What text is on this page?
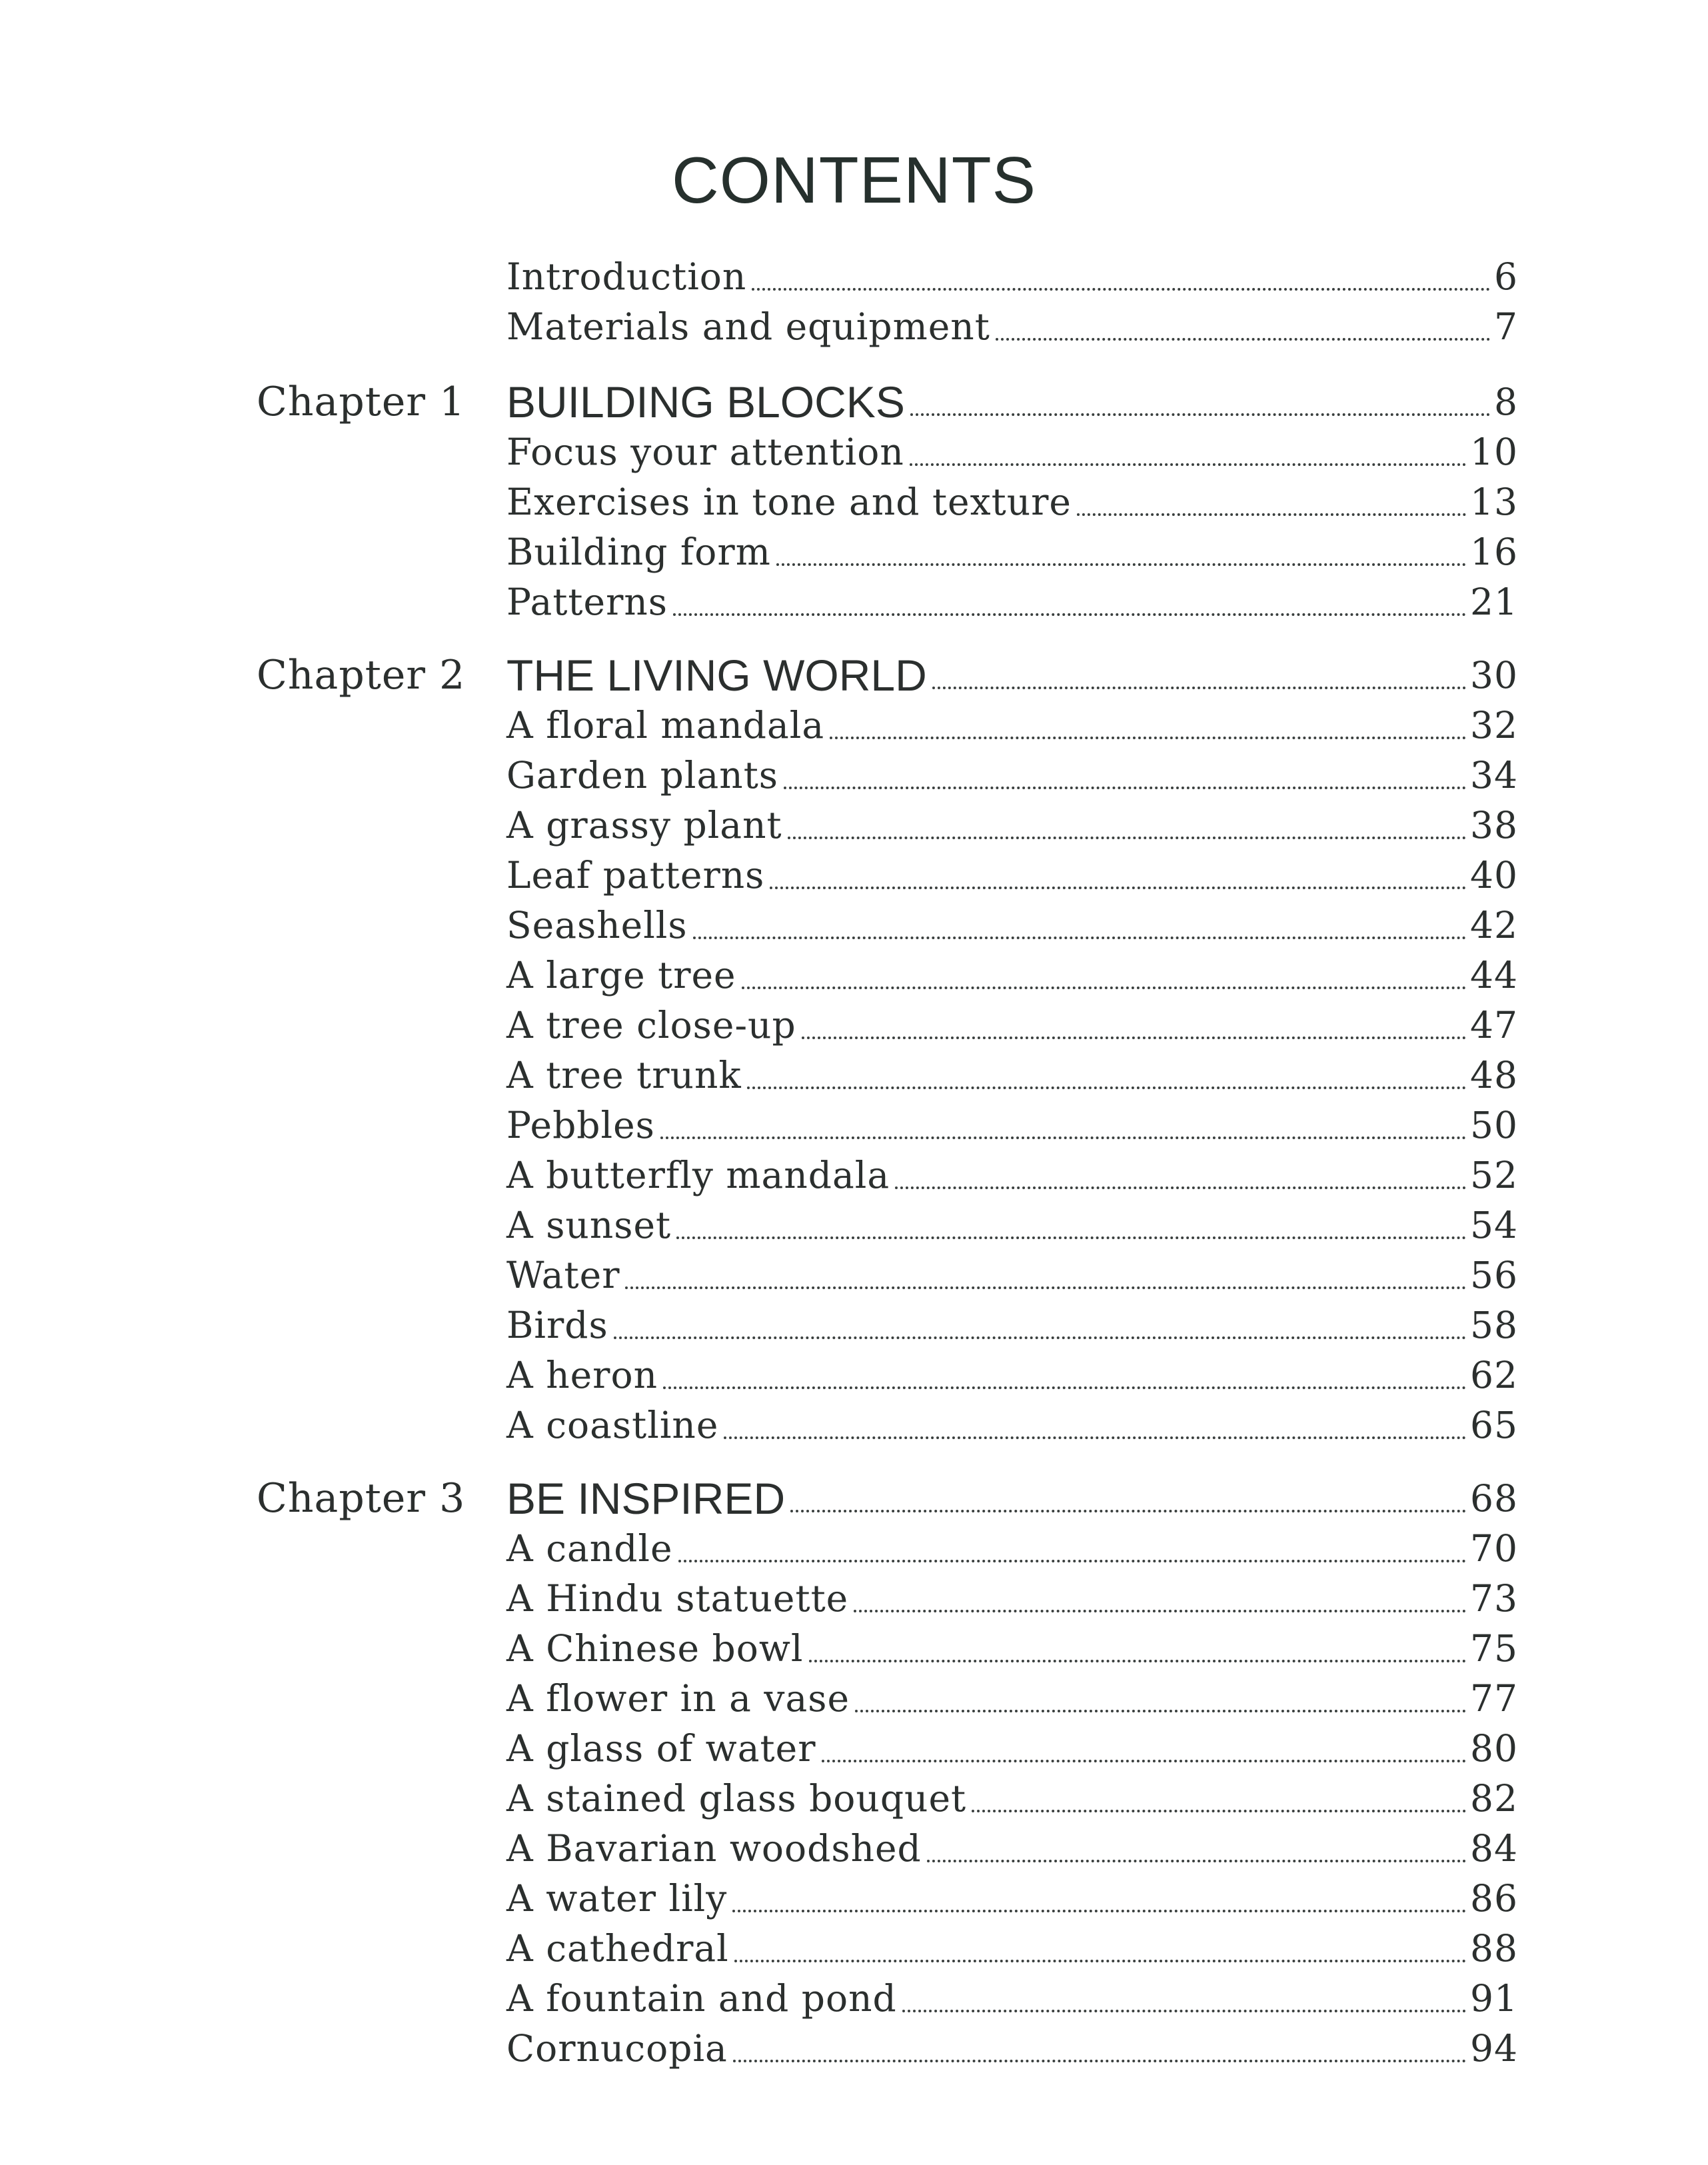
CONTENTS
Introduction	6
Materials and equipment	7
Chapter 1 BUILDING BLOCKS	8
Focus your attention	10
Exercises in tone and texture	13
Building form	16
Patterns	21
Chapter 2 THE LIVING WORLD	30
A floral mandala	32
Garden plants	34
A grassy plant	38
Leaf patterns	40
Seashells	42
A large tree	44
A tree close-up	47
A tree trunk	48
Pebbles	50
A butterfly mandala	52
A sunset	54
Water	56
Birds	58
A heron	62
A coastline	65
Chapter 3 BE INSPIRED	68
A candle	70
A Hindu statuette	73
A Chinese bowl	75
A flower in a vase	77
A glass of water	80
A stained glass bouquet	82
A Bavarian woodshed	84
A water lily	86
A cathedral	88
A fountain and pond	91
Cornucopia	94
